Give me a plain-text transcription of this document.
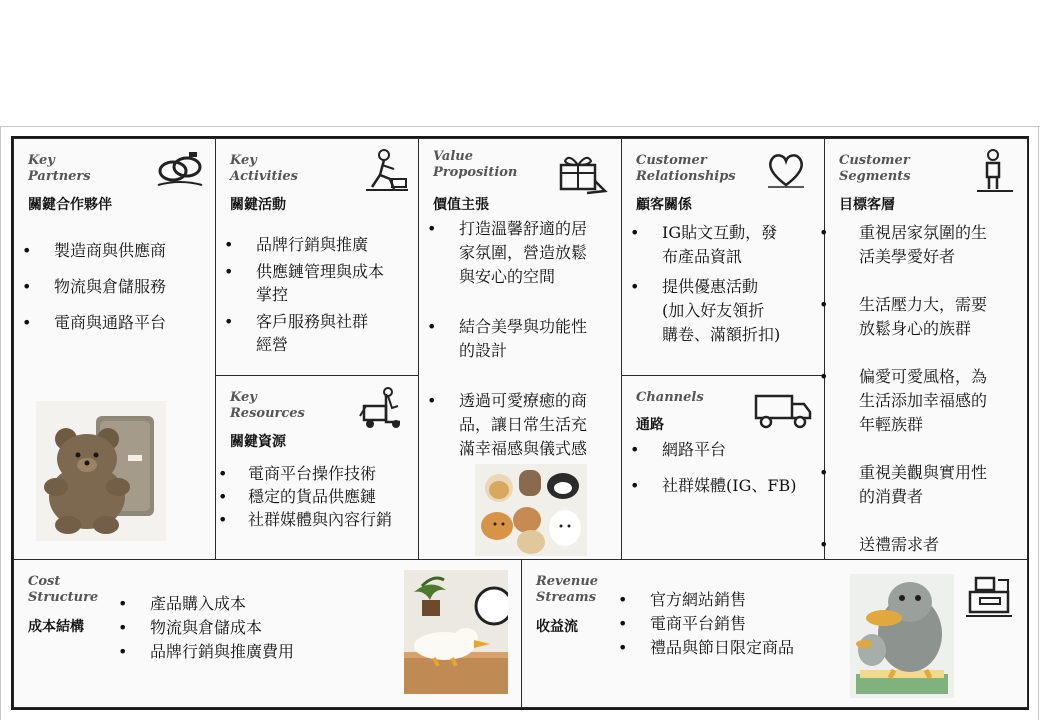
Key
Partners
關鍵合作夥伴
• 製造商與供應商
• 物流與倉儲服務
• 電商與通路平台
Key
Activities
關鍵活動
• 品牌行銷與推廣
• 供應鏈管理與成本
掌控
• 客戶服務與社群
經營
Key
Resources
關鍵資源
• 電商平台操作技術
• 穩定的貨品供應鏈
• 社群媒體與內容行銷
Value
Proposition
價值主張
• 打造溫馨舒適的居
家氛圍，營造放鬆
與安心的空間
• 結合美學與功能性
的設計
• 透過可愛療癒的商
品，讓日常生活充
滿幸福感與儀式感
Customer
Relationships
顧客關係
• IG貼文互動，發
布產品資訊
• 提供優惠活動
(加入好友領折
購卷、滿額折扣)
Channels
通路
• 網路平台
• 社群媒體(IG、FB)
Customer
Segments
目標客層
• 重視居家氛圍的生
活美學愛好者
• 生活壓力大，需要
放鬆身心的族群
• 偏愛可愛風格，為
生活添加幸福感的
年輕族群
• 重視美觀與實用性
的消費者
• 送禮需求者
Cost
Structure
成本結構
• 產品購入成本
• 物流與倉儲成本
• 品牌行銷與推廣費用
Revenue
Streams
收益流
• 官方網站銷售
• 電商平台銷售
• 禮品與節日限定商品
